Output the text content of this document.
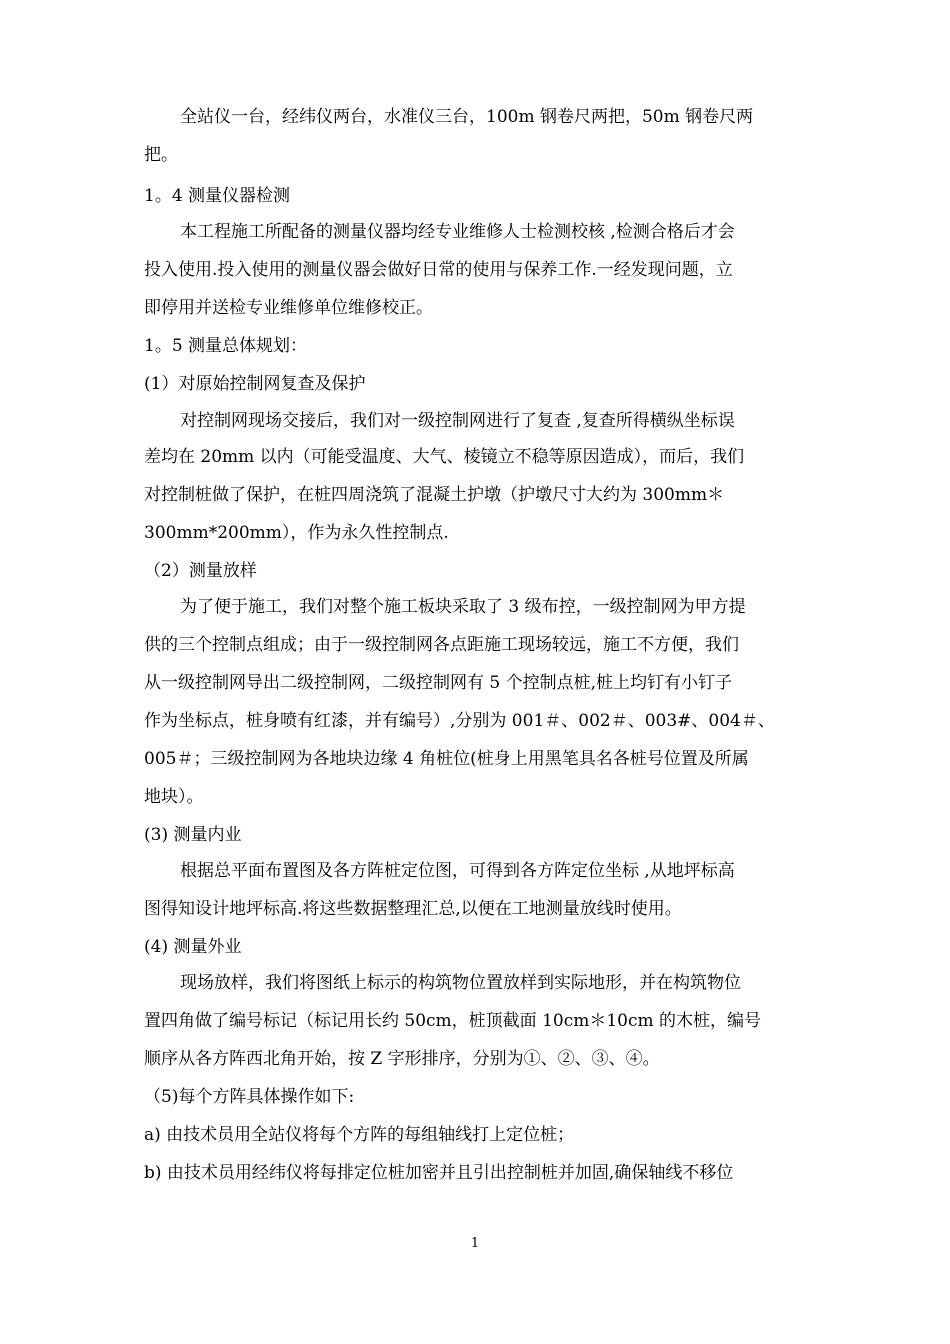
全站仪一台，经纬仪两台，水准仪三台，100m 钢卷尺两把，50m 钢卷尺两
把。
1。4 测量仪器检测
本工程施工所配备的测量仪器均经专业维修人士检测校核 ,检测合格后才会
投入使用.投入使用的测量仪器会做好日常的使用与保养工作.一经发现问题，立
即停用并送检专业维修单位维修校正。
1。5 测量总体规划：
(1）对原始控制网复查及保护
对控制网现场交接后，我们对一级控制网进行了复查 ,复查所得横纵坐标误
差均在 20mm 以内（可能受温度、大气、棱镜立不稳等原因造成），而后，我们
对控制桩做了保护，在桩四周浇筑了混凝土护墩（护墩尺寸大约为 300mm＊
300mm*200mm），作为永久性控制点.
（2）测量放样
为了便于施工，我们对整个施工板块采取了 3 级布控，一级控制网为甲方提
供的三个控制点组成；由于一级控制网各点距施工现场较远，施工不方便，我们
从一级控制网导出二级控制网，二级控制网有 5 个控制点桩,桩上均钉有小钉子
作为坐标点，桩身喷有红漆，并有编号）,分别为 001＃、002＃、003#、004＃、
005＃；三级控制网为各地块边缘 4 角桩位(桩身上用黑笔具名各桩号位置及所属
地块）。
(3) 测量内业
根据总平面布置图及各方阵桩定位图，可得到各方阵定位坐标 ,从地坪标高
图得知设计地坪标高.将这些数据整理汇总,以便在工地测量放线时使用。
(4) 测量外业
现场放样，我们将图纸上标示的构筑物位置放样到实际地形，并在构筑物位
置四角做了编号标记（标记用长约 50cm，桩顶截面 10cm＊10cm 的木桩，编号
顺序从各方阵西北角开始，按 Z 字形排序，分别为①、②、③、④。
（5)每个方阵具体操作如下:
a) 由技术员用全站仪将每个方阵的每组轴线打上定位桩；
b) 由技术员用经纬仪将每排定位桩加密并且引出控制桩并加固,确保轴线不移位
1
